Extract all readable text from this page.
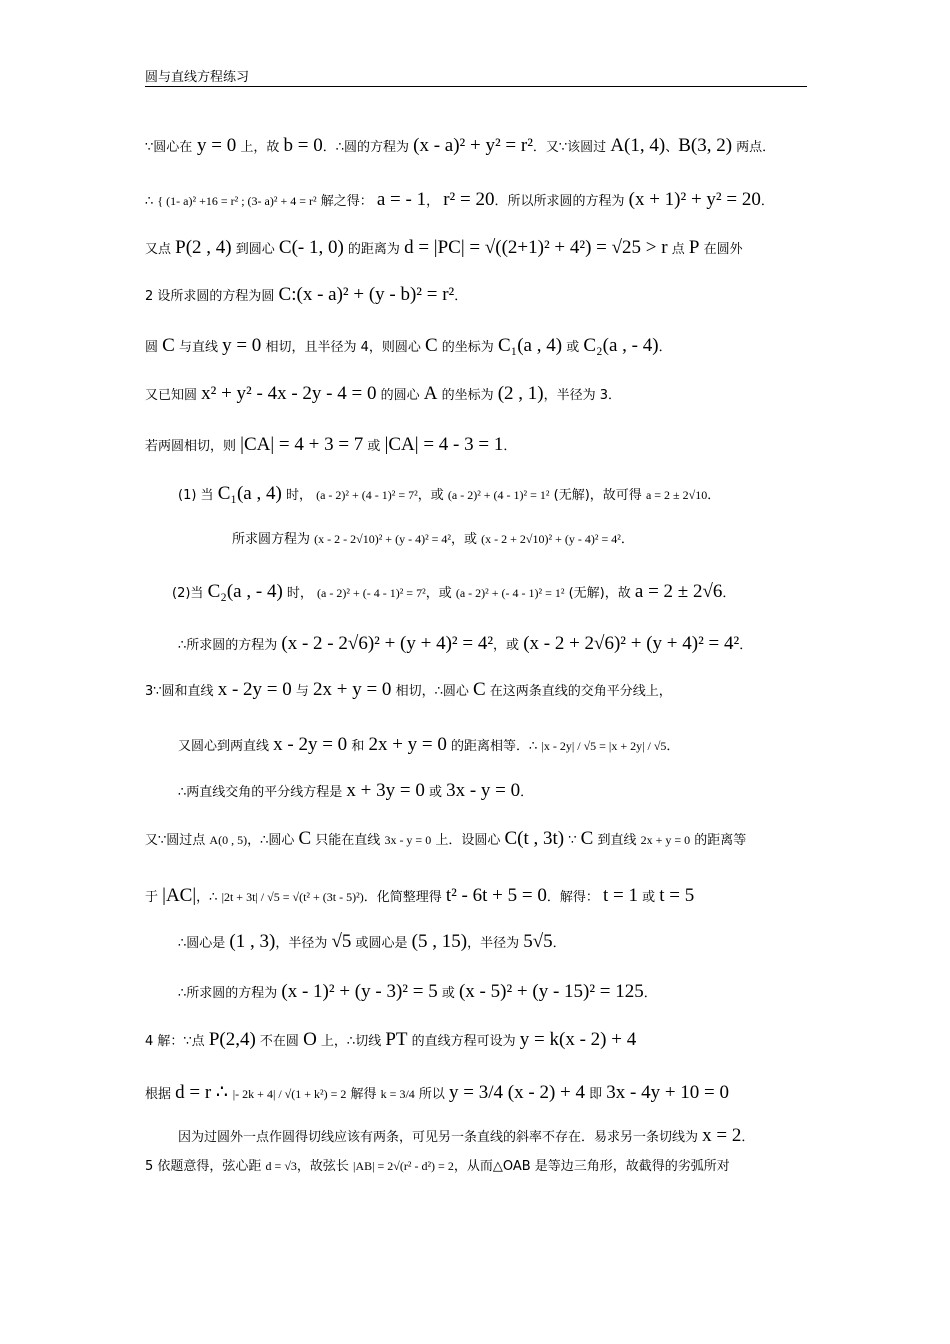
圆与直线方程练习
∵圆心在 y = 0 上，故 b = 0．∴圆的方程为 (x - a)² + y² = r²．又∵该圆过 A(1, 4)、B(3, 2) 两点．
∴ { (1- a)² +16 = r² ; (3- a)² + 4 = r² 解之得： a = - 1， r² = 20．所以所求圆的方程为 (x + 1)² + y² = 20．
又点 P(2 , 4) 到圆心 C(- 1, 0) 的距离为 d = |PC| = √((2+1)² + 4²) = √25 > r 点 P 在圆外
2 设所求圆的方程为圆 C:(x - a)² + (y - b)² = r²．
圆 C 与直线 y = 0 相切，且半径为 4，则圆心 C 的坐标为 C₁(a , 4) 或 C₂(a , - 4)．
又已知圆 x² + y² - 4x - 2y - 4 = 0 的圆心 A 的坐标为 (2 , 1)，半径为 3．
若两圆相切，则 |CA| = 4 + 3 = 7 或 |CA| = 4 - 3 = 1．
(1) 当 C₁(a , 4) 时， (a - 2)² + (4 - 1)² = 7²，或 (a - 2)² + (4 - 1)² = 1² (无解)，故可得 a = 2 ± 2√10．
所求圆方程为 (x - 2 - 2√10)² + (y - 4)² = 4²，或 (x - 2 + 2√10)² + (y - 4)² = 4²．
(2)当 C₂(a , - 4) 时， (a - 2)² + (- 4 - 1)² = 7²，或 (a - 2)² + (- 4 - 1)² = 1² (无解)，故 a = 2 ± 2√6．
∴所求圆的方程为 (x - 2 - 2√6)² + (y + 4)² = 4²，或 (x - 2 + 2√6)² + (y + 4)² = 4²．
3∵圆和直线 x - 2y = 0 与 2x + y = 0 相切，∴圆心 C 在这两条直线的交角平分线上，
又圆心到两直线 x - 2y = 0 和 2x + y = 0 的距离相等．∴ |x - 2y| / √5 = |x + 2y| / √5．
∴两直线交角的平分线方程是 x + 3y = 0 或 3x - y = 0．
又∵圆过点 A(0 , 5)，∴圆心 C 只能在直线 3x - y = 0 上．设圆心 C(t , 3t) ∵ C 到直线 2x + y = 0 的距离等
于 |AC|，∴ |2t + 3t| / √5 = √(t² + (3t - 5)²)．化简整理得 t² - 6t + 5 = 0．解得： t = 1 或 t = 5
∴圆心是 (1 , 3)，半径为 √5 或圆心是 (5 , 15)，半径为 5√5．
∴所求圆的方程为 (x - 1)² + (y - 3)² = 5 或 (x - 5)² + (y - 15)² = 125．
4 解：∵点 P(2,4) 不在圆 O 上，∴切线 PT 的直线方程可设为 y = k(x - 2) + 4
根据 d = r ∴ |- 2k + 4| / √(1 + k²) = 2 解得 k = 3/4 所以 y = 3/4 (x - 2) + 4 即 3x - 4y + 10 = 0
因为过圆外一点作圆得切线应该有两条，可见另一条直线的斜率不存在．易求另一条切线为 x = 2．
5 依题意得，弦心距 d = √3，故弦长 |AB| = 2√(r² - d²) = 2，从而△OAB 是等边三角形，故截得的劣弧所对
